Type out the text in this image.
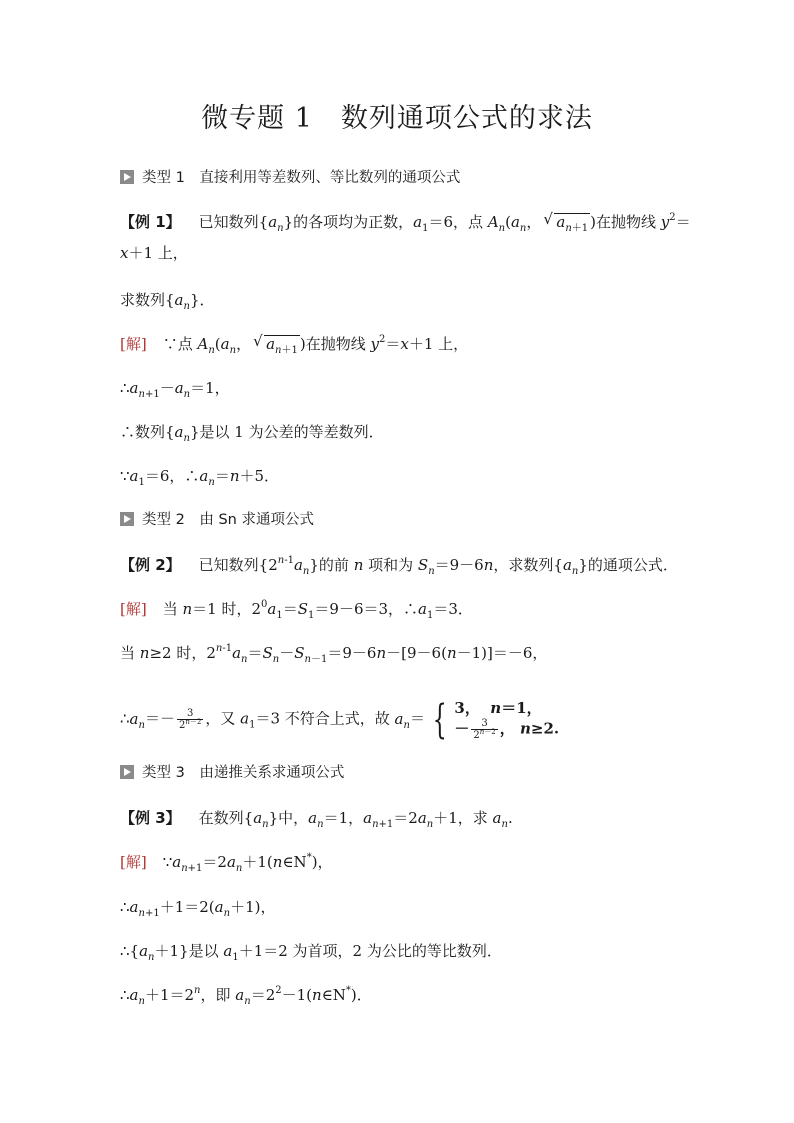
微专题 1　数列通项公式的求法
类型 1　直接利用等差数列、等比数列的通项公式
【例 1】 已知数列$\{a_n\}$的各项均为正数，$a_1=6$，点 $A_n(a_n$， √ $a_{n+1}$ )在抛物线 $y^2=$
x＋1 上，
求数列$\{a_n\}$．
[解] ∵点 $A_n(a_n$， √ $a_{n+1}$ )在抛物线 $y^2=x+1$ 上，
$\therefore a_{n+1}-a_n=1$，
∴数列$\{a_n\}$是以 1 为公差的等差数列．
$\because a_1=6$，$\therefore a_n=n+5$．
类型 2　由 Sn 求通项公式
【例 2】 已知数列$\{2^{n-1}a_n\}$的前 n 项和为 $S_n=9-6n$，求数列$\{a_n\}$的通项公式．
[解] 当 n＝1 时，$2^0a_1=S_1=9-6=3$，$\therefore a_1=3$．
当 n≥2 时，$2^{n-1}a_n=S_n-S_{n-1}=9-6n-[9-6(n-1)]=-6$，
$\therefore a_n=- \frac{3}{2^{n-2}}$ ，又 $a_1=3$ 不符合上式，故 $a_n=$ { 3，  n＝1，
－ $\frac{3}{2^{n-2}}$ ， n≥2.
类型 3　由递推关系求通项公式
【例 3】 在数列$\{a_n\}$中，$a_n=1$，$a_{n+1}=2a_n+1$，求 $a_n$.
[解] $\because a_{n+1}=2a_n+1(n\in N^*)$，
$\therefore a_{n+1}+1=2(a_n+1)$，
$\therefore\{a_n+1\}$是以 $a_1+1=2$ 为首项，2 为公比的等比数列．
$\therefore a_n+1=2^n$，即 $a_n=2^2-1(n\in N^*)$．
